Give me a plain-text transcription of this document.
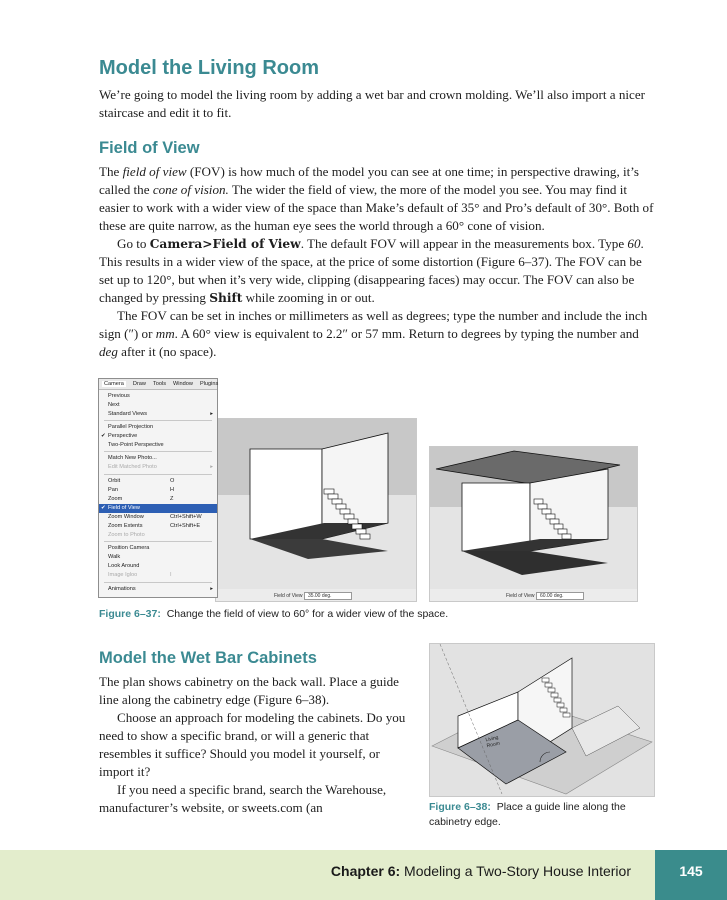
Model the Living Room

We’re going to model the living room by adding a wet bar and crown molding. We’ll also import a nicer staircase and edit it to fit.

Field of View

The field of view (FOV) is how much of the model you can see at one time; in perspective drawing, it’s called the cone of vision. The wider the field of view, the more of the model you see. You may find it easier to work with a wider view of the space than Make’s default of 35° and Pro’s default of 30°. Both of these are quite narrow, as the human eye sees the world through a 60° cone of vision.

Go to Camera>Field of View. The default FOV will appear in the measurements box. Type 60. This results in a wider view of the space, at the price of some distortion (Figure 6–37). The FOV can be set up to 120°, but when it’s very wide, clipping (disappearing faces) may occur. The FOV can also be changed by pressing Shift while zooming in or out.

The FOV can be set in inches or millimeters as well as degrees; type the number and include the inch sign (″) or mm. A 60° view is equivalent to 2.2″ or 57 mm. Return to degrees by typing the number and deg after it (no space).

Field of View 35.00 deg.
Camera	Draw Tools Window Plugins
Previous
Next
Standard Views	▸
Parallel Projection
✔ Perspective
Two-Point Perspective
Match New Photo...
Edit Matched Photo	▸
Orbit	O
Pan	H
Zoom	Z
✔ Field of View
Zoom Window	Ctrl+Shift+W
Zoom Extents	Ctrl+Shift+E
Zoom to Photo
Position Camera
Walk
Look Around
Image Igloo	I
Animations	▸
Field of View 60.00 deg.
Figure 6–37: Change the field of view to 60° for a wider view of the space.
Model the Wet Bar Cabinets

The plan shows cabinetry on the back wall. Place a guide line along the cabinetry edge (Figure 6–38).

Choose an approach for modeling the cabinets. Do you need to show a specific brand, or will a generic that resembles it suffice? Should you model it yourself, or import it?

If you need a specific brand, search the Warehouse, manufacturer’s website, or sweets.com (an

Living
Room
Figure 6–38: Place a guide line along the cabinetry edge.
Chapter 6: Modeling a Two-Story House Interior	145
